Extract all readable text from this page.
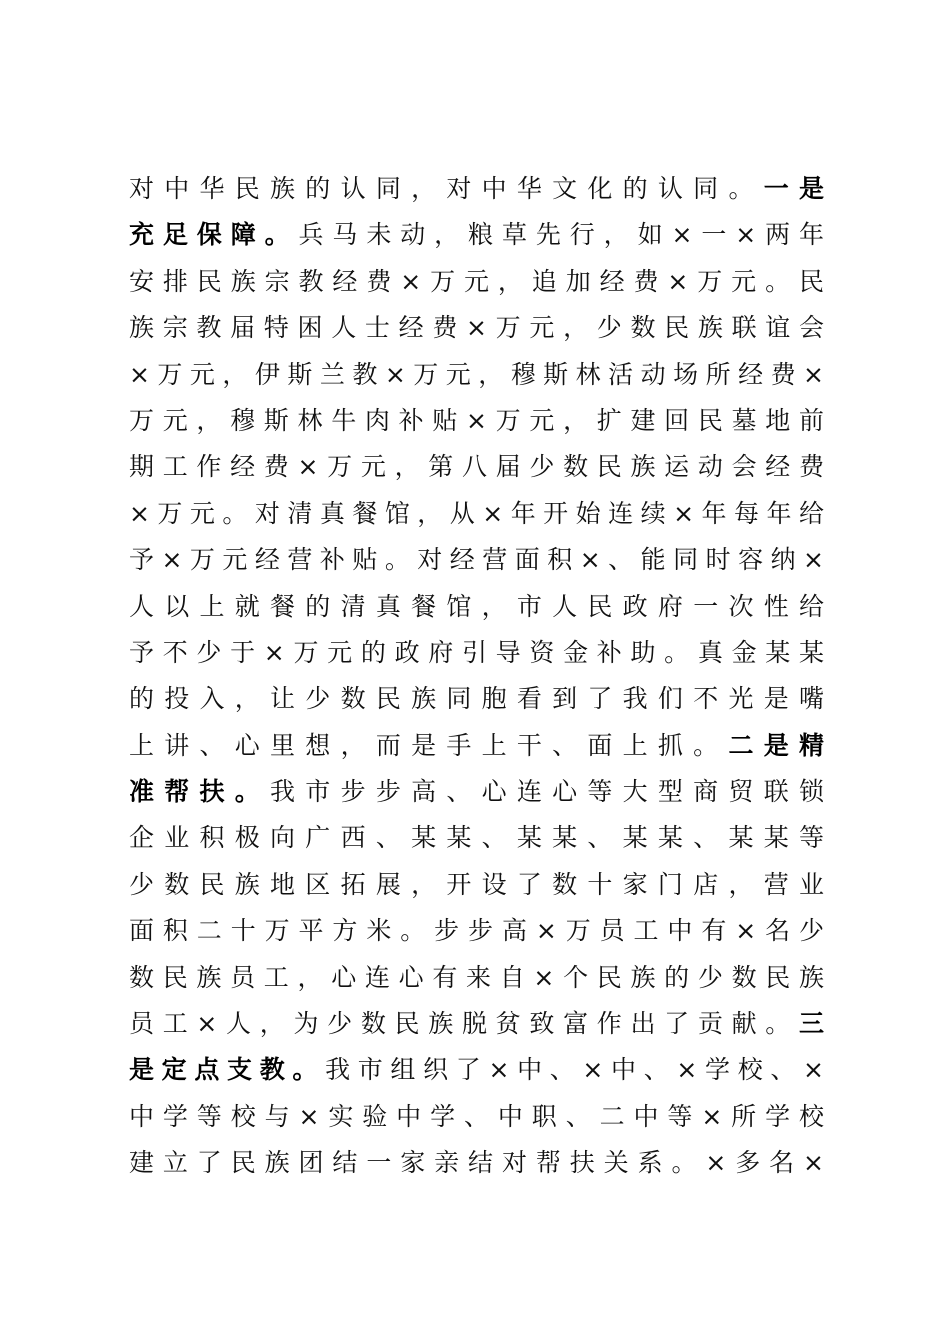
对中华民族的认同，对中华文化的认同。一是
充足保障。兵马未动，粮草先行，如×一×两年
安排民族宗教经费×万元，追加经费×万元。民
族宗教届特困人士经费×万元，少数民族联谊会
×万元，伊斯兰教×万元，穆斯林活动场所经费×
万元，穆斯林牛肉补贴×万元，扩建回民墓地前
期工作经费×万元，第八届少数民族运动会经费
×万元。对清真餐馆，从×年开始连续×年每年给
予×万元经营补贴。对经营面积×、能同时容纳×
人以上就餐的清真餐馆，市人民政府一次性给
予不少于×万元的政府引导资金补助。真金某某
的投入，让少数民族同胞看到了我们不光是嘴
上讲、心里想，而是手上干、面上抓。二是精
准帮扶。我市步步高、心连心等大型商贸联锁
企业积极向广西、某某、某某、某某、某某等
少数民族地区拓展，开设了数十家门店，营业
面积二十万平方米。步步高×万员工中有×名少
数民族员工，心连心有来自×个民族的少数民族
员工×人，为少数民族脱贫致富作出了贡献。三
是定点支教。我市组织了×中、×中、×学校、×
中学等校与×实验中学、中职、二中等×所学校
建立了民族团结一家亲结对帮扶关系。×多名×
